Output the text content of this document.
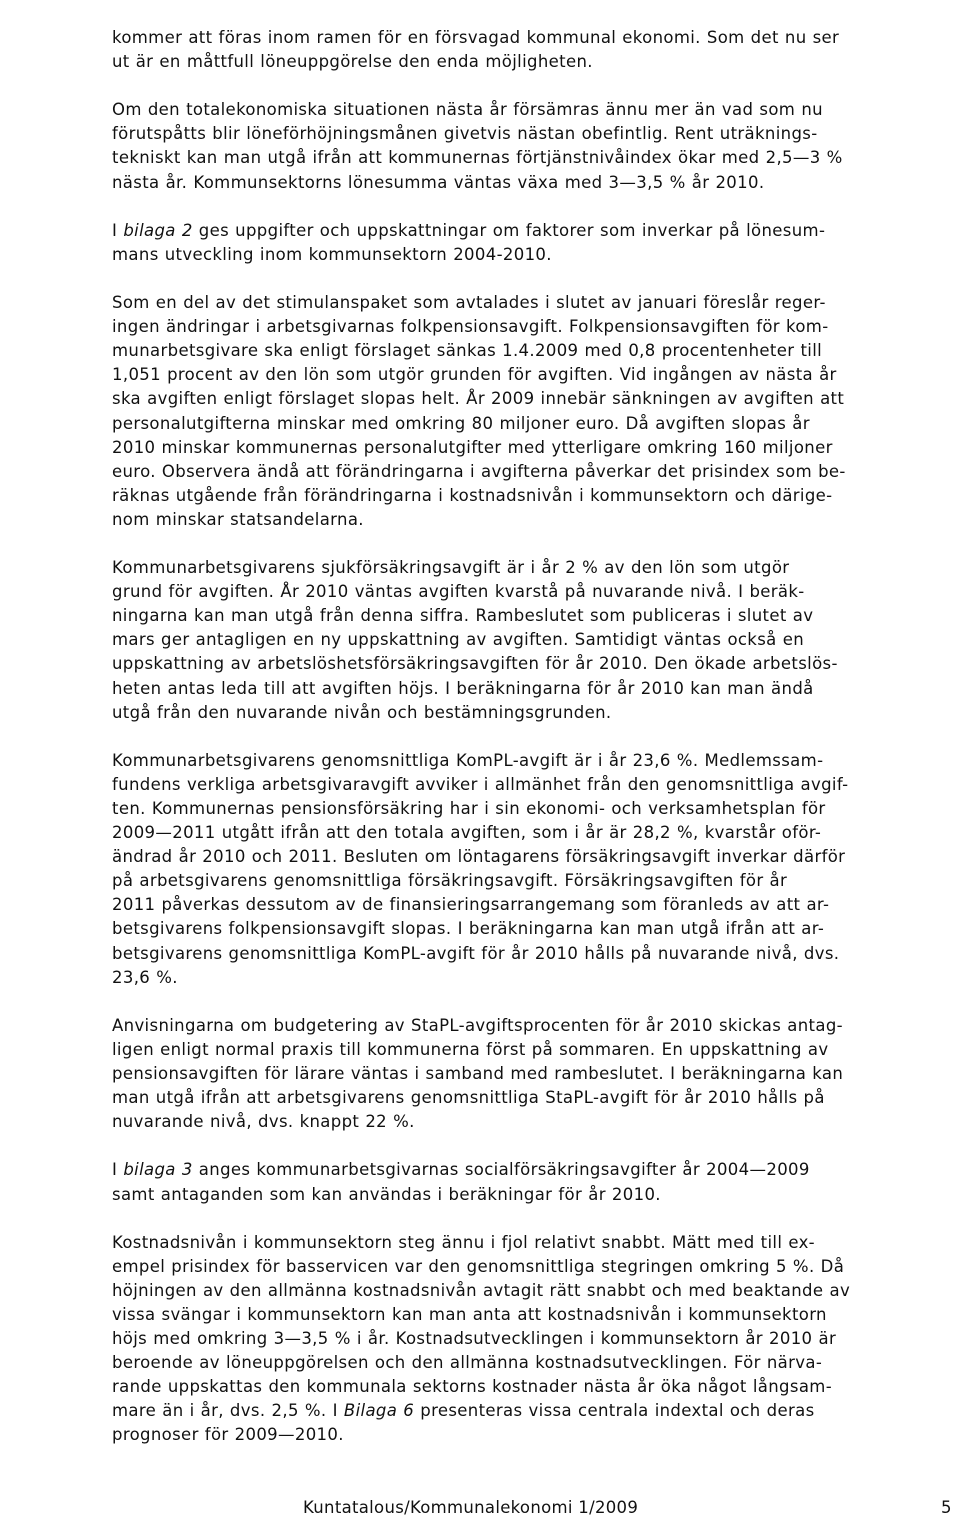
kommer att föras inom ramen för en försvagad kommunal ekonomi. Som det nu ser
ut är en måttfull löneuppgörelse den enda möjligheten.
Om den totalekonomiska situationen nästa år försämras ännu mer än vad som nu
förutspåtts blir löneförhöjningsmånen givetvis nästan obefintlig. Rent uträknings-
tekniskt kan man utgå ifrån att kommunernas förtjänstnivåindex ökar med 2,5—3 %
nästa år. Kommunsektorns lönesumma väntas växa med 3—3,5 % år 2010.
I bilaga 2 ges uppgifter och uppskattningar om faktorer som inverkar på lönesum-
mans utveckling inom kommunsektorn 2004-2010.
Som en del av det stimulanspaket som avtalades i slutet av januari föreslår reger-
ingen ändringar i arbetsgivarnas folkpensionsavgift. Folkpensionsavgiften för kom-
munarbetsgivare ska enligt förslaget sänkas 1.4.2009 med 0,8 procentenheter till
1,051 procent av den lön som utgör grunden för avgiften. Vid ingången av nästa år
ska avgiften enligt förslaget slopas helt. År 2009 innebär sänkningen av avgiften att
personalutgifterna minskar med omkring 80 miljoner euro. Då avgiften slopas år
2010 minskar kommunernas personalutgifter med ytterligare omkring 160 miljoner
euro. Observera ändå att förändringarna i avgifterna påverkar det prisindex som be-
räknas utgående från förändringarna i kostnadsnivån i kommunsektorn och därige-
nom minskar statsandelarna.
Kommunarbetsgivarens sjukförsäkringsavgift är i år 2 % av den lön som utgör
grund för avgiften. År 2010 väntas avgiften kvarstå på nuvarande nivå. I beräk-
ningarna kan man utgå från denna siffra. Rambeslutet som publiceras i slutet av
mars ger antagligen en ny uppskattning av avgiften. Samtidigt väntas också en
uppskattning av arbetslöshetsförsäkringsavgiften för år 2010. Den ökade arbetslös-
heten antas leda till att avgiften höjs. I beräkningarna för år 2010 kan man ändå
utgå från den nuvarande nivån och bestämningsgrunden.
Kommunarbetsgivarens genomsnittliga KomPL-avgift är i år 23,6 %. Medlemssam-
fundens verkliga arbetsgivaravgift avviker i allmänhet från den genomsnittliga avgif-
ten. Kommunernas pensionsförsäkring har i sin ekonomi- och verksamhetsplan för
2009—2011 utgått ifrån att den totala avgiften, som i år är 28,2 %, kvarstår oför-
ändrad år 2010 och 2011. Besluten om löntagarens försäkringsavgift inverkar därför
på arbetsgivarens genomsnittliga försäkringsavgift. Försäkringsavgiften för år
2011 påverkas dessutom av de finansieringsarrangemang som föranleds av att ar-
betsgivarens folkpensionsavgift slopas. I beräkningarna kan man utgå ifrån att ar-
betsgivarens genomsnittliga KomPL-avgift för år 2010 hålls på nuvarande nivå, dvs.
23,6 %.
Anvisningarna om budgetering av StaPL-avgiftsprocenten för år 2010 skickas antag-
ligen enligt normal praxis till kommunerna först på sommaren. En uppskattning av
pensionsavgiften för lärare väntas i samband med rambeslutet. I beräkningarna kan
man utgå ifrån att arbetsgivarens genomsnittliga StaPL-avgift för år 2010 hålls på
nuvarande nivå, dvs. knappt 22 %.
I bilaga 3 anges kommunarbetsgivarnas socialförsäkringsavgifter år 2004—2009
samt antaganden som kan användas i beräkningar för år 2010.
Kostnadsnivån i kommunsektorn steg ännu i fjol relativt snabbt. Mätt med till ex-
empel prisindex för basservicen var den genomsnittliga stegringen omkring 5 %. Då
höjningen av den allmänna kostnadsnivån avtagit rätt snabbt och med beaktande av
vissa svängar i kommunsektorn kan man anta att kostnadsnivån i kommunsektorn
höjs med omkring 3—3,5 % i år. Kostnadsutvecklingen i kommunsektorn år 2010 är
beroende av löneuppgörelsen och den allmänna kostnadsutvecklingen. För närva-
rande uppskattas den kommunala sektorns kostnader nästa år öka något långsam-
mare än i år, dvs. 2,5 %. I Bilaga 6 presenteras vissa centrala indextal och deras
prognoser för 2009—2010.
Kuntatalous/Kommunalekonomi 1/2009	5
